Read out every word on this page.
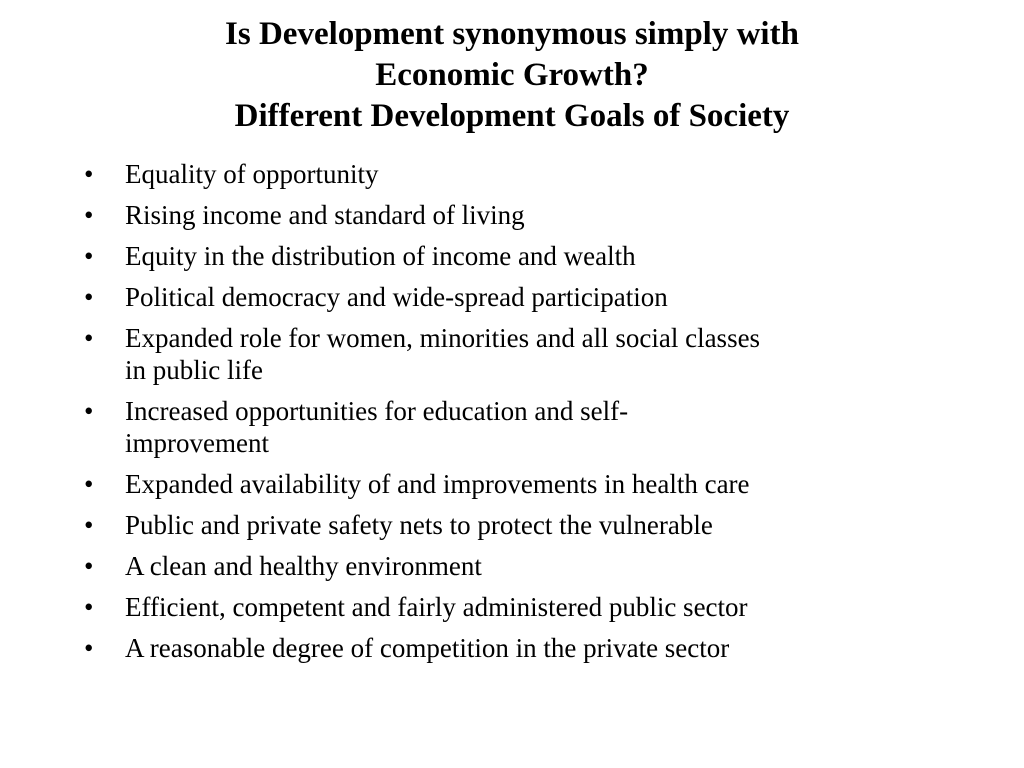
Is Development synonymous simply with
Economic Growth?
Different Development Goals of Society
•	Equality of opportunity
•	Rising income and standard of living
•	Equity in the distribution of income and wealth
•	Political democracy and wide-spread participation
•	Expanded role for women, minorities and all social classes
in public life
•	Increased opportunities for education and self-
improvement
•	Expanded availability of and improvements in health care
•	Public and private safety nets to protect the vulnerable
•	A clean and healthy environment
•	Efficient, competent and fairly administered public sector
•	A reasonable degree of competition in the private sector
